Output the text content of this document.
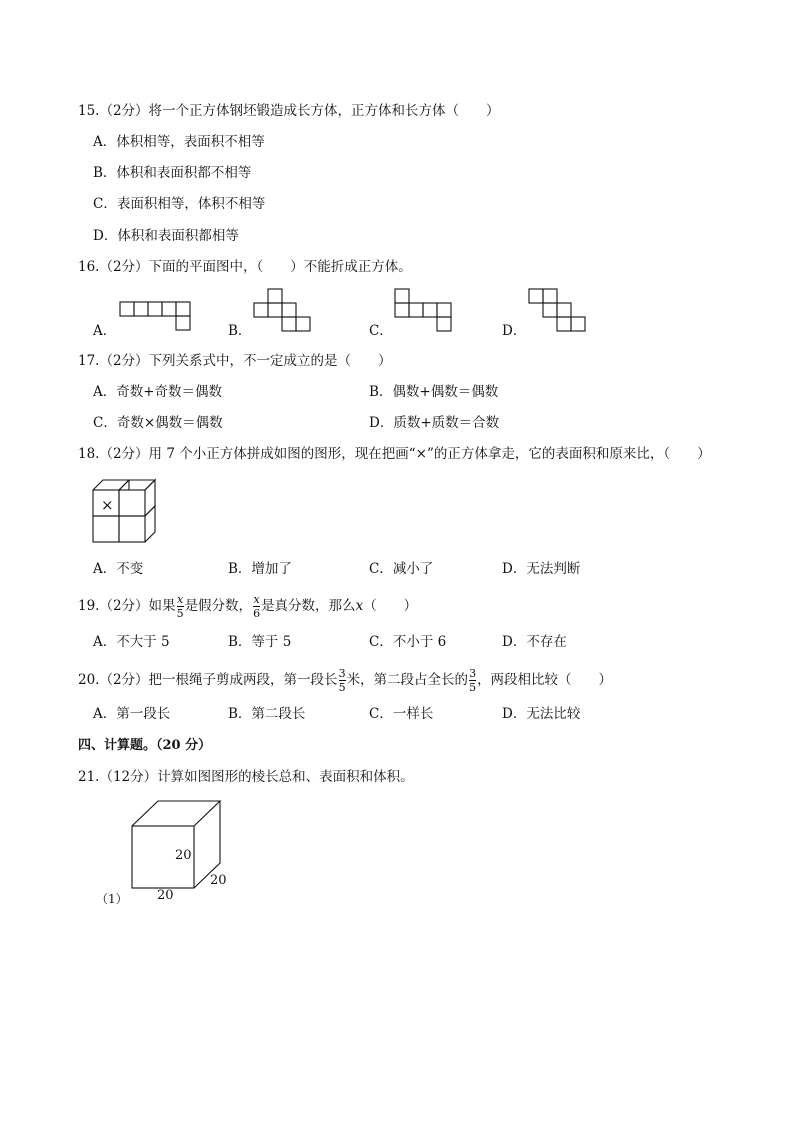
15.（2分）将一个正方体钢坯锻造成长方体，正方体和长方体（　　）
A．体积相等，表面积不相等
B．体积和表面积都不相等
C．表面积相等，体积不相等
D．体积和表面积都相等
16.（2分）下面的平面图中，（　　）不能折成正方体。
A．	B．	C．	D．
17.（2分）下列关系式中，不一定成立的是（　　）
A．奇数+奇数＝偶数	B．偶数+偶数＝偶数
C．奇数×偶数＝偶数	D．质数+质数＝合数
18.（2分）用 7 个小正方体拼成如图的图形，现在把画“×”的正方体拿走，它的表面积和原来比，（　　）
×
A．不变	B．增加了	C．减小了	D．无法判断
19.（2分）如果 $\frac{x}{5}$ 是假分数， $\frac{x}{6}$ 是真分数，那么x（　　）
A．不大于 5	B．等于 5	C．不小于 6	D．不存在
20.（2分）把一根绳子剪成两段，第一段长 $\frac{3}{5}$ 米，第二段占全长的 $\frac{3}{5}$ ，两段相比较（　　）
A．第一段长	B．第二段长	C．一样长	D．无法比较
四、计算题。（20 分）
21.（12分）计算如图图形的棱长总和、表面积和体积。
20
20
20
（1）
